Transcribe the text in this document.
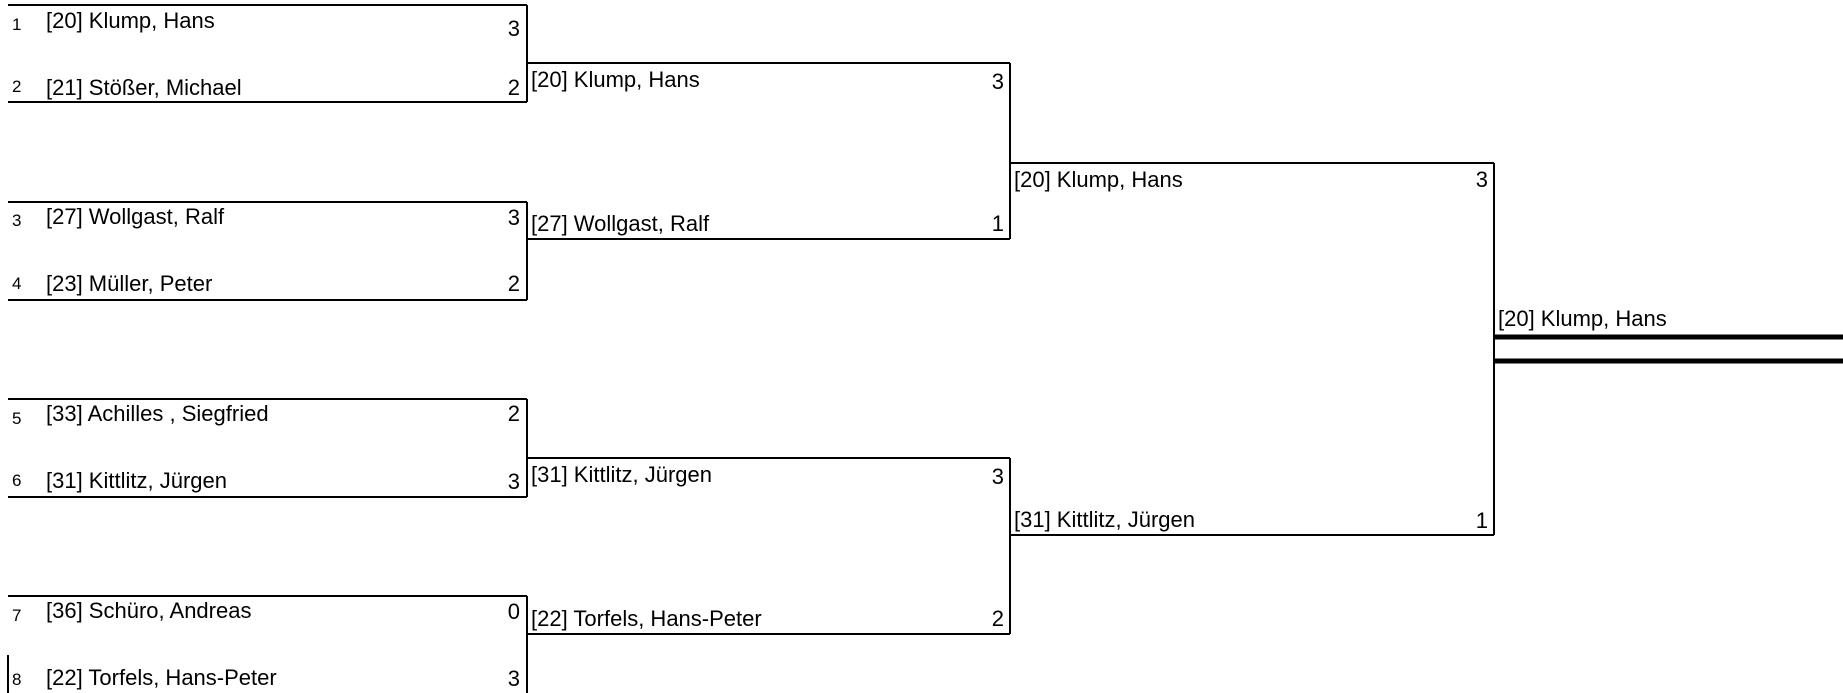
1 [20] Klump, Hans	3
2 [21] Stößer, Michael	2
3 [27] Wollgast, Ralf	3
4 [23] Müller, Peter	2
5 [33] Achilles , Siegfried	2
6 [31] Kittlitz, Jürgen	3
7 [36] Schüro, Andreas	0
8 [22] Torfels, Hans-Peter	3
[20] Klump, Hans	3
[27] Wollgast, Ralf	1
[31] Kittlitz, Jürgen	3
[22] Torfels, Hans-Peter	2
[20] Klump, Hans	3
[31] Kittlitz, Jürgen	1
[20] Klump, Hans
